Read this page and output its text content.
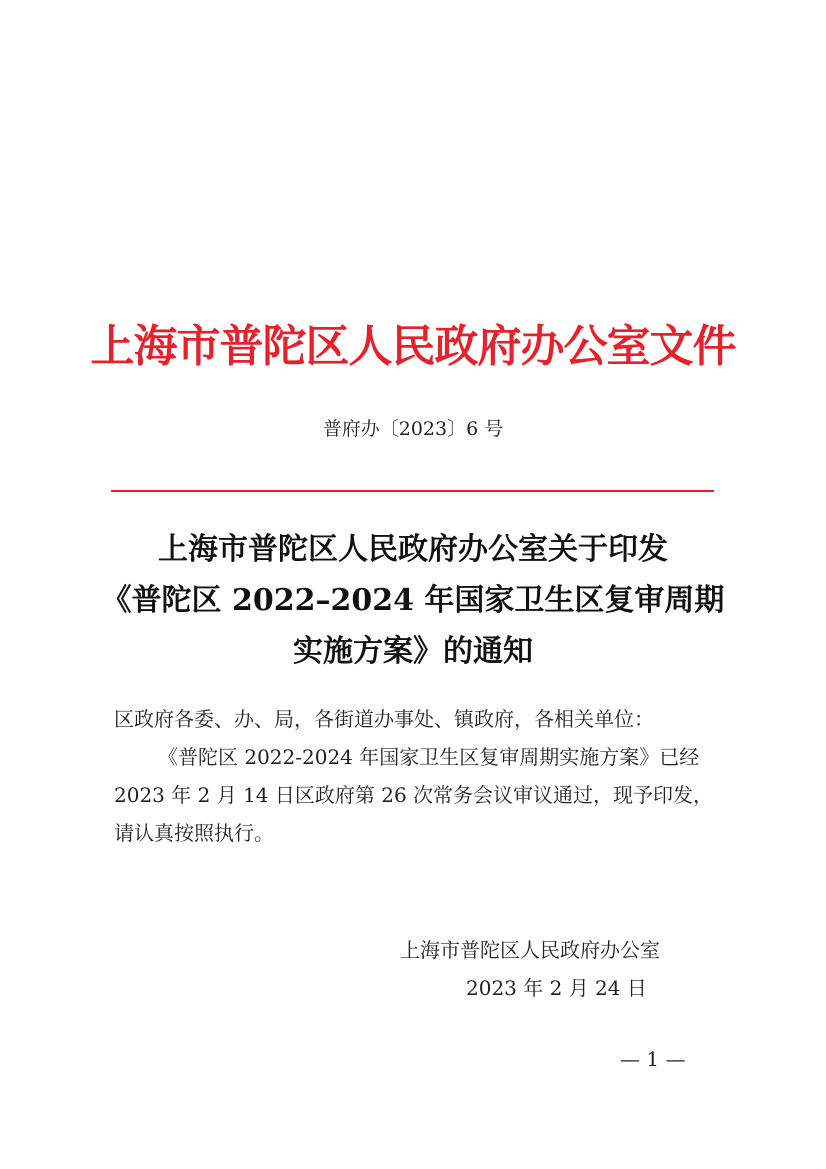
上海市普陀区人民政府办公室文件
普府办〔2023〕6 号
上海市普陀区人民政府办公室关于印发
《普陀区 2022–2024 年国家卫生区复审周期
实施方案》的通知
区政府各委、办、局，各街道办事处、镇政府，各相关单位：
《普陀区 2022-2024 年国家卫生区复审周期实施方案》已经
2023 年 2 月 14 日区政府第 26 次常务会议审议通过，现予印发，
请认真按照执行。
上海市普陀区人民政府办公室
2023 年 2 月 24 日
— 1 —
